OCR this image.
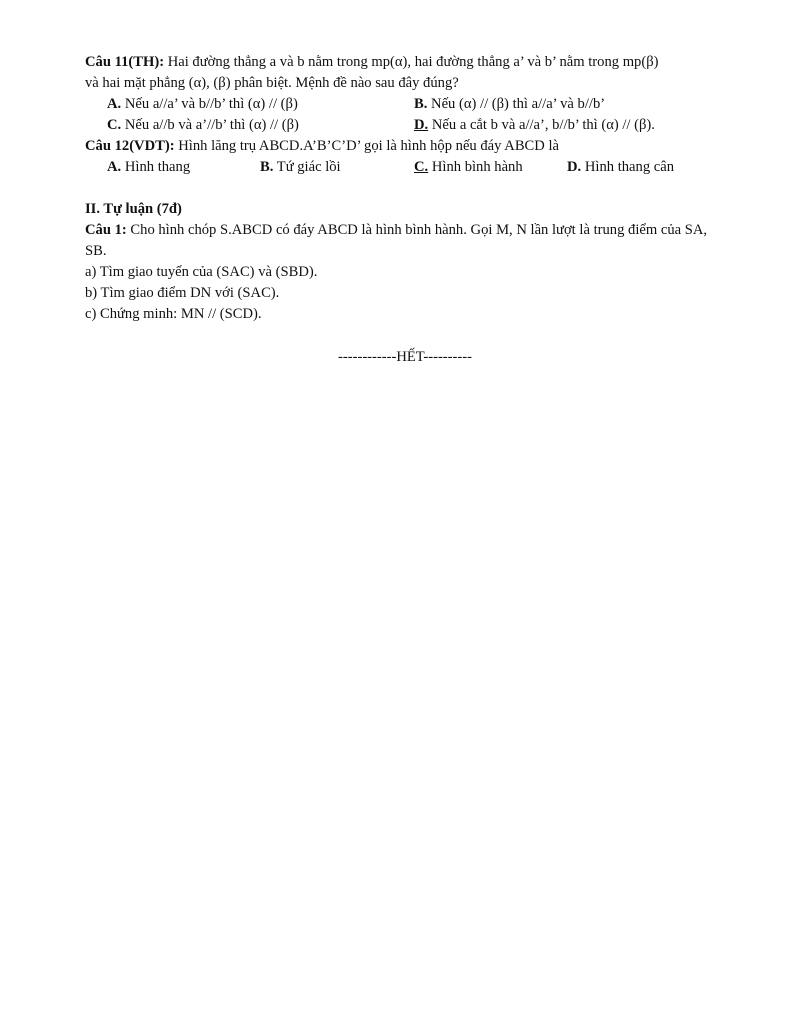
Câu 11(TH): Hai đường thẳng a và b nằm trong mp(α), hai đường thẳng a’ và b’ nằm trong mp(β)
và hai mặt phẳng (α), (β) phân biệt. Mệnh đề nào sau đây đúng?
A. Nếu a//a’ và b//b’ thì (α) // (β)	B. Nếu (α) // (β) thì a//a’ và b//b’
C. Nếu a//b và a’//b’ thì (α) // (β)	D. Nếu a cắt b và a//a’, b//b’ thì (α) // (β).
Câu 12(VDT): Hình lăng trụ ABCD.A’B’C’D’ gọi là hình hộp nếu đáy ABCD là
A. Hình thang	B. Tứ giác lồi	C. Hình bình hành	D. Hình thang cân
II. Tự luận (7đ)
Câu 1: Cho hình chóp S.ABCD có đáy ABCD là hình bình hành. Gọi M, N lần lượt là trung điểm của SA, SB.
a) Tìm giao tuyến của (SAC) và (SBD).
b) Tìm giao điểm DN với (SAC).
c) Chứng minh: MN // (SCD).
------------HẾT----------
